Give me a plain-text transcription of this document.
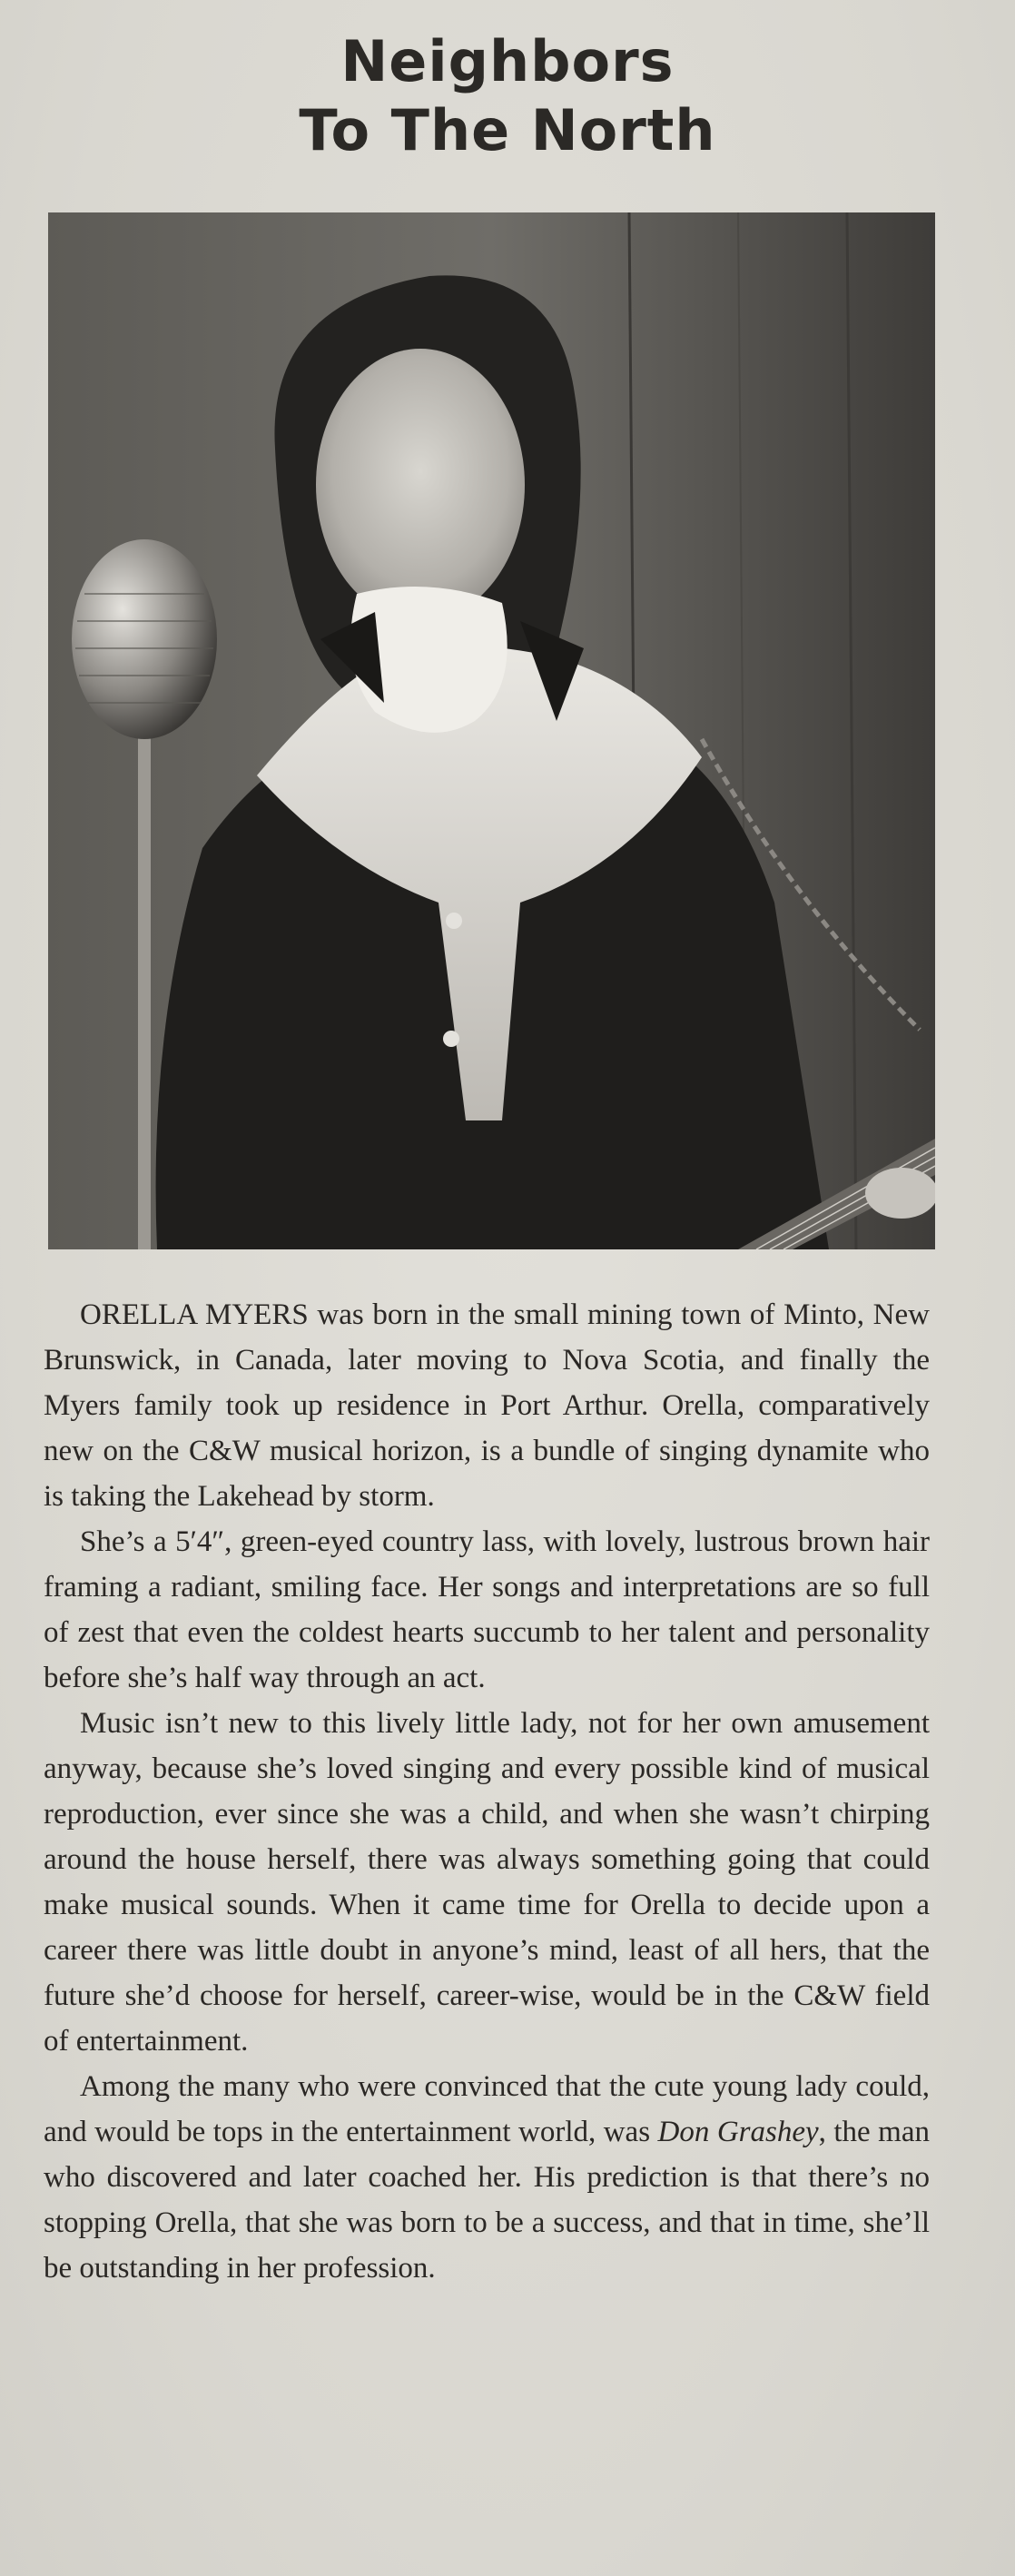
Neighbors
To The North

ORELLA MYERS was born in the small mining town of Minto, New Brunswick, in Canada, later moving to Nova Scotia, and finally the Myers family took up residence in Port Arthur. Orella, comparatively new on the C&W musical horizon, is a bundle of singing dynamite who is taking the Lakehead by storm.

She’s a 5′4″, green-eyed country lass, with lovely, lustrous brown hair framing a radiant, smiling face. Her songs and interpretations are so full of zest that even the coldest hearts succumb to her talent and personality before she’s half way through an act.

Music isn’t new to this lively little lady, not for her own amusement anyway, because she’s loved singing and every possible kind of musical reproduction, ever since she was a child, and when she wasn’t chirping around the house herself, there was always something going that could make musical sounds. When it came time for Orella to decide upon a career there was little doubt in anyone’s mind, least of all hers, that the future she’d choose for herself, career-wise, would be in the C&W field of entertainment.

Among the many who were convinced that the cute young lady could, and would be tops in the entertainment world, was Don Grashey, the man who discovered and later coached her. His prediction is that there’s no stopping Orella, that she was born to be a success, and that in time, she’ll be outstanding in her profession.
